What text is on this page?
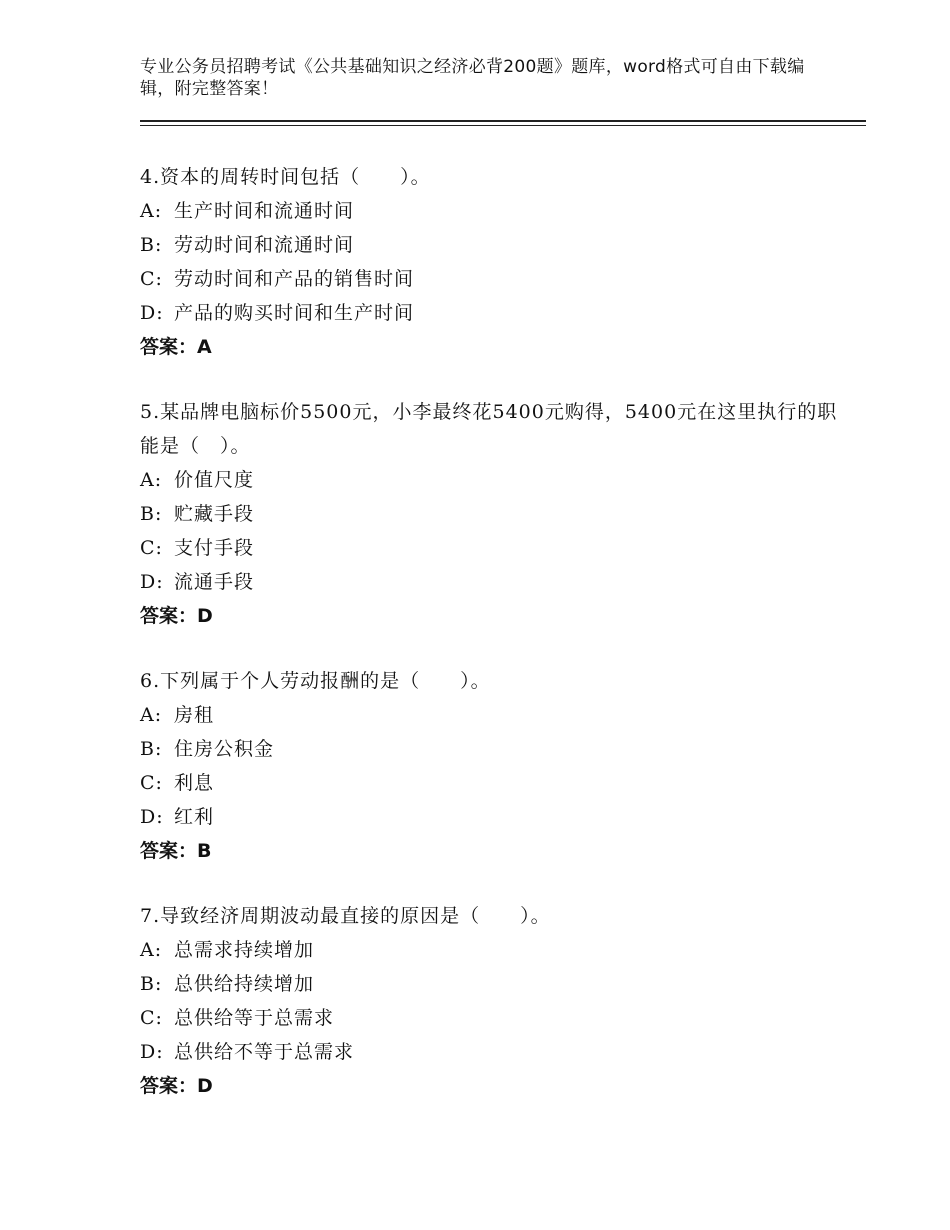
专业公务员招聘考试《公共基础知识之经济必背200题》题库，word格式可自由下载编辑，附完整答案！
4.资本的周转时间包括（　　）。
A: 生产时间和流通时间
B: 劳动时间和流通时间
C: 劳动时间和产品的销售时间
D: 产品的购买时间和生产时间
答案：A
5.某品牌电脑标价5500元，小李最终花5400元购得，5400元在这里执行的职能是（　）。
A: 价值尺度
B: 贮藏手段
C: 支付手段
D: 流通手段
答案：D
6.下列属于个人劳动报酬的是（　　）。
A: 房租
B: 住房公积金
C: 利息
D: 红利
答案：B
7.导致经济周期波动最直接的原因是（　　）。
A: 总需求持续增加
B: 总供给持续增加
C: 总供给等于总需求
D: 总供给不等于总需求
答案：D
